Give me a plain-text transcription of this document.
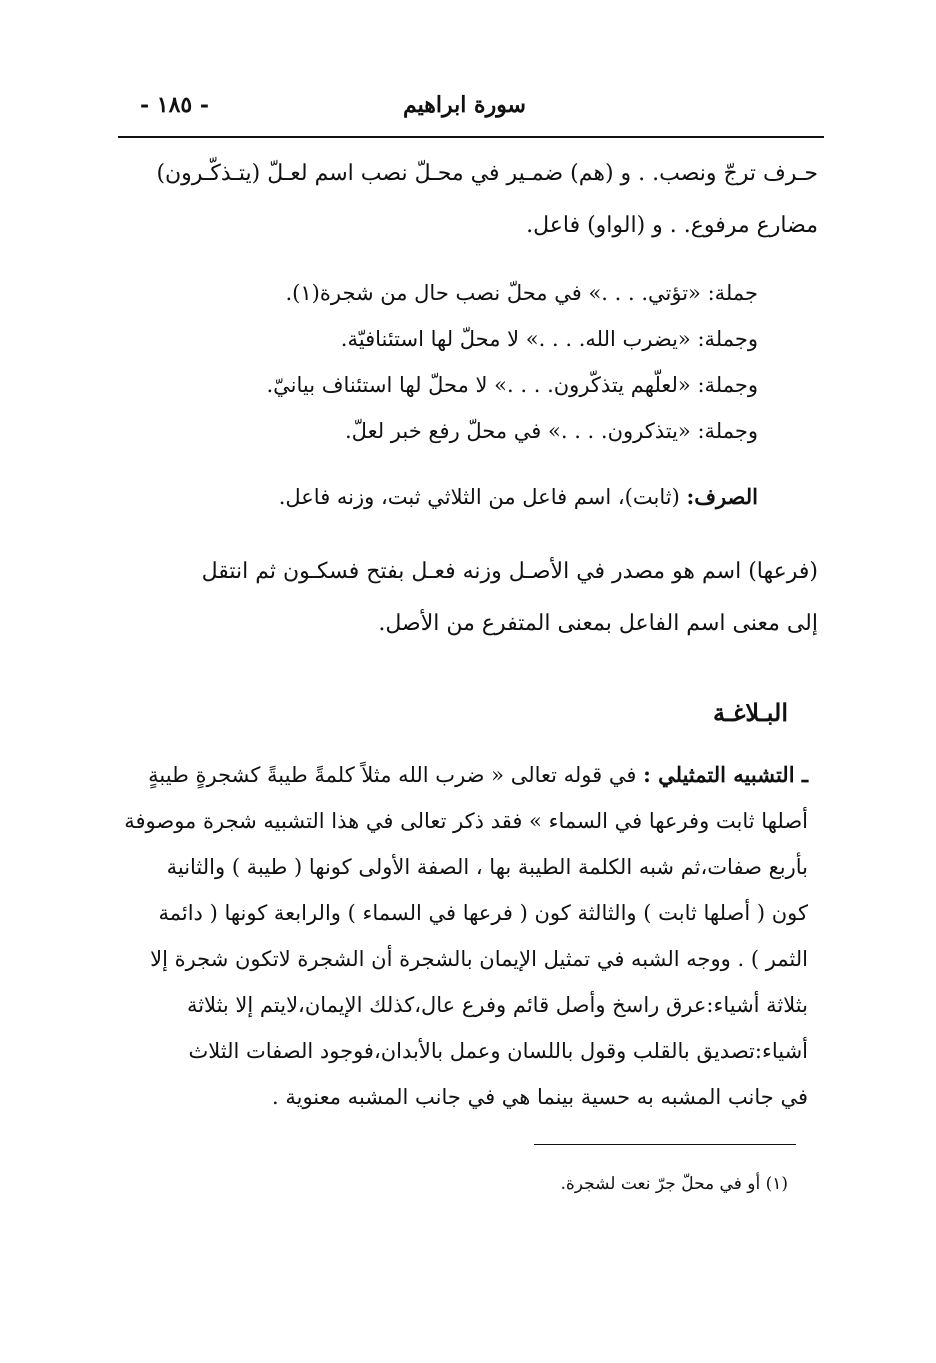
سورة ابراهيم
- ١٨٥ -
حـرف ترجّ ونصب. . و (هم) ضمـير في محـلّ نصب اسم لعـلّ (يتـذكّـرون)
مضارع مرفوع. . و (الواو) فاعل.
جملة: «تؤتي. . . .» في محلّ نصب حال من شجرة(١).
وجملة: «يضرب الله. . . .» لا محلّ لها استئنافيّة.
وجملة: «لعلّهم يتذكّرون. . . .» لا محلّ لها استئناف بيانيّ.
وجملة: «يتذكرون. . . .» في محلّ رفع خبر لعلّ.
الصرف: (ثابت)، اسم فاعل من الثلاثي ثبت، وزنه فاعل.
(فرعها) اسم هو مصدر في الأصـل وزنه فعـل بفتح فسكـون ثم انتقل
إلى معنى اسم الفاعل بمعنى المتفرع من الأصل.
البـلاغـة
ـ التشبيه التمثيلي : في قوله تعالى « ضرب الله مثلاً كلمةً طيبةً كشجرةٍ طيبةٍ
أصلها ثابت وفرعها في السماء » فقد ذكر تعالى في هذا التشبيه شجرة موصوفة
بأربع صفات،ثم شبه الكلمة الطيبة بها ، الصفة الأولى كونها ( طيبة ) والثانية
كون ( أصلها ثابت ) والثالثة كون ( فرعها في السماء ) والرابعة كونها ( دائمة
الثمر ) . ووجه الشبه في تمثيل الإيمان بالشجرة أن الشجرة لاتكون شجرة إلا
بثلاثة أشياء:عرق راسخ وأصل قائم وفرع عال،كذلك الإيمان،لايتم إلا بثلاثة
أشياء:تصديق بالقلب وقول باللسان وعمل بالأبدان،فوجود الصفات الثلاث
في جانب المشبه به حسية بينما هي في جانب المشبه معنوية .
(١) أو في محلّ جرّ نعت لشجرة.
